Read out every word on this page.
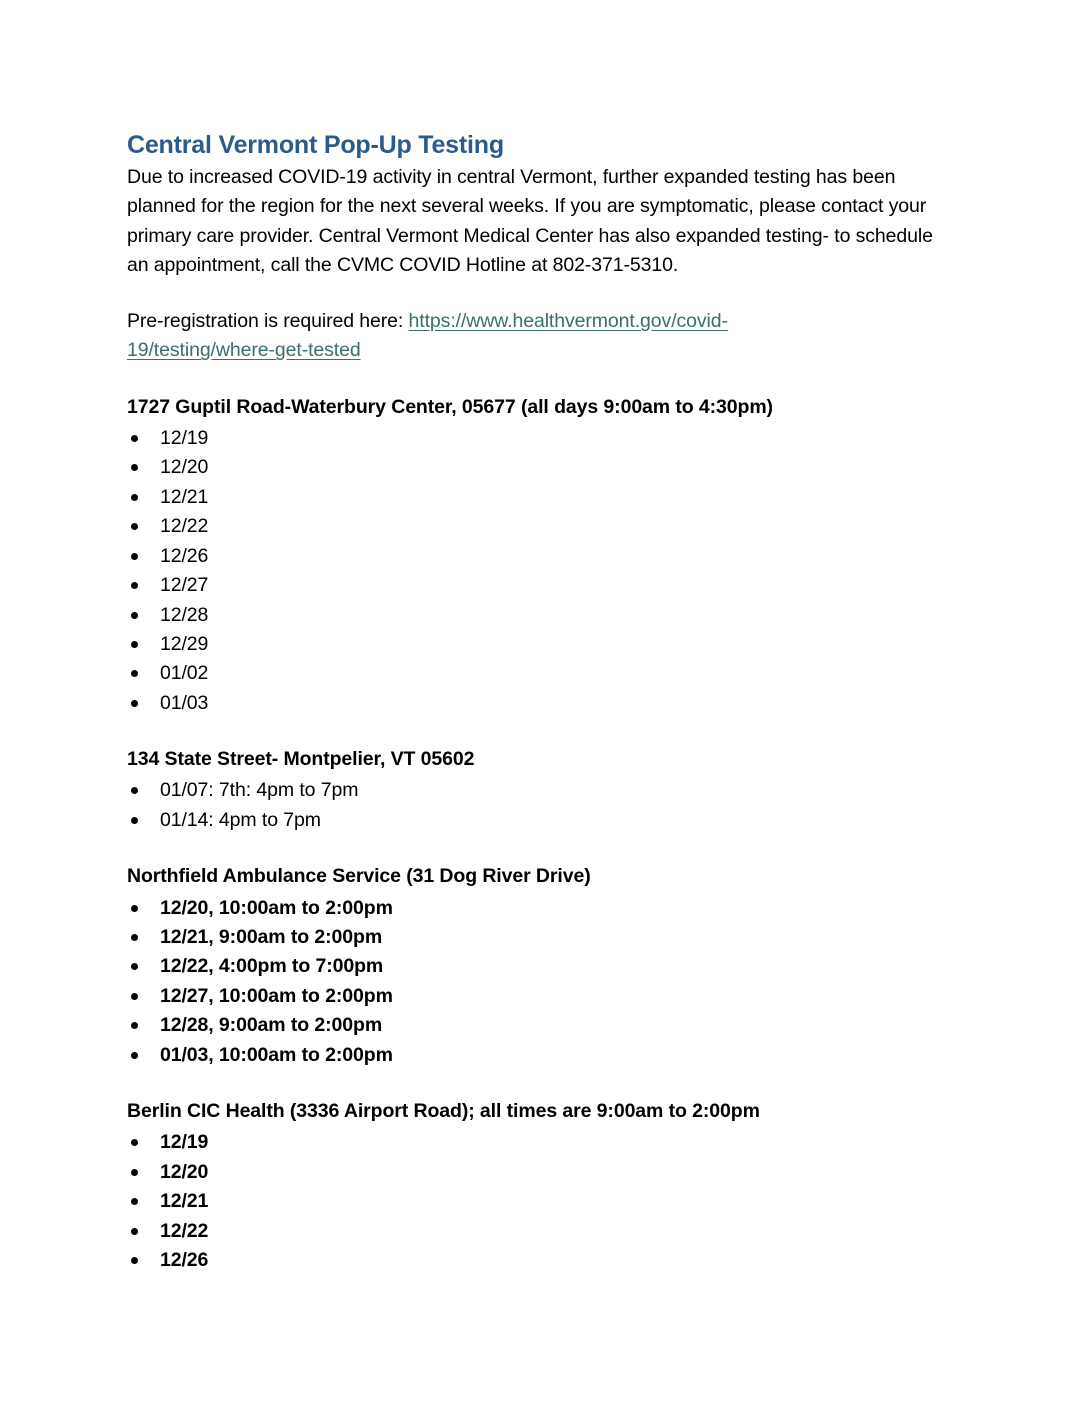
Central Vermont Pop-Up Testing

Due to increased COVID-19 activity in central Vermont, further expanded testing has been planned for the region for the next several weeks. If you are symptomatic, please contact your primary care provider. Central Vermont Medical Center has also expanded testing- to schedule an appointment, call the CVMC COVID Hotline at 802-371-5310.

Pre-registration is required here: https://www.healthvermont.gov/covid-
19/testing/where-get-tested

1727 Guptil Road-Waterbury Center, 05677 (all days 9:00am to 4:30pm)
12/19
12/20
12/21
12/22
12/26
12/27
12/28
12/29
01/02
01/03
134 State Street- Montpelier, VT 05602
01/07: 7th: 4pm to 7pm
01/14: 4pm to 7pm
Northfield Ambulance Service (31 Dog River Drive)
12/20, 10:00am to 2:00pm
12/21, 9:00am to 2:00pm
12/22, 4:00pm to 7:00pm
12/27, 10:00am to 2:00pm
12/28, 9:00am to 2:00pm
01/03, 10:00am to 2:00pm
Berlin CIC Health (3336 Airport Road); all times are 9:00am to 2:00pm
12/19
12/20
12/21
12/22
12/26
